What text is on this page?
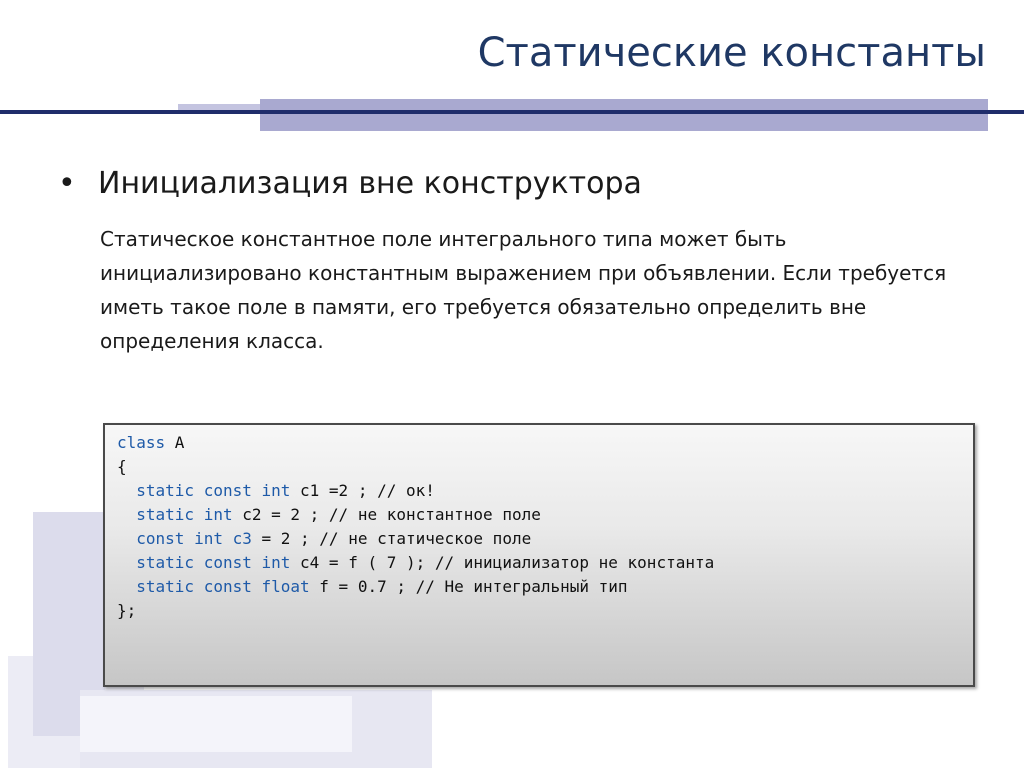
Статические константы
• Инициализация вне конструктора

Статическое константное поле интегрального типа может быть инициализировано константным выражением при объявлении. Если требуется иметь такое поле в памяти, его требуется обязательно определить вне определения класса.

class A
{
static const int c1 =2 ; // ок!
static int c2 = 2 ; // не константное поле
const int c3 = 2 ; // не статическое поле
static const int c4 = f ( 7 ); // инициализатор не константа
static const float f = 0.7 ; // Не интегральный тип
};
